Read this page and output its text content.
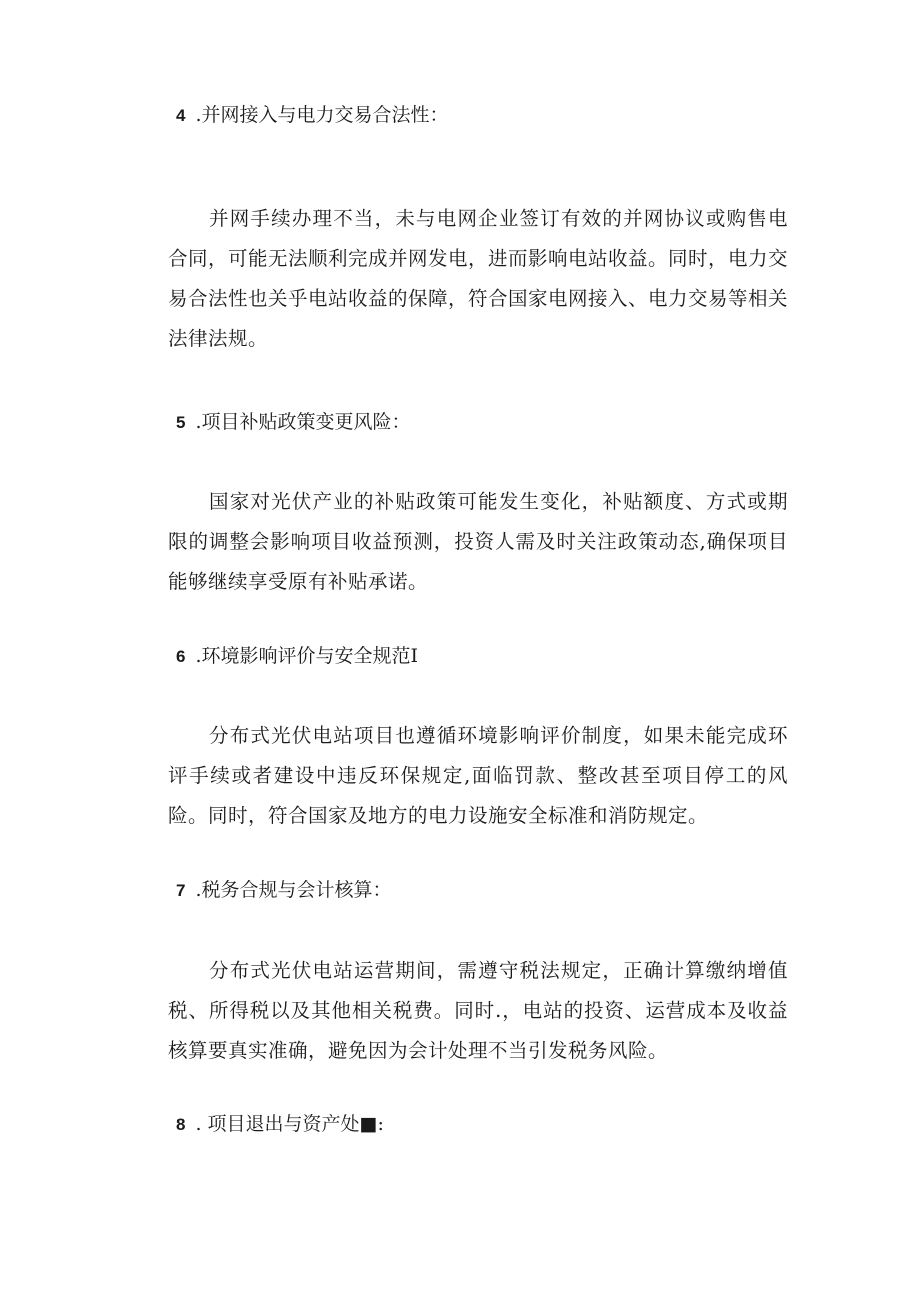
4 .并网接入与电力交易合法性：
并网手续办理不当，未与电网企业签订有效的并网协议或购售电合同，可能无法顺利完成并网发电，进而影响电站收益。同时，电力交易合法性也关乎电站收益的保障，符合国家电网接入、电力交易等相关法律法规。
5 .项目补贴政策变更风险：
国家对光伏产业的补贴政策可能发生变化，补贴额度、方式或期限的调整会影响项目收益预测，投资人需及时关注政策动态,确保项目能够继续享受原有补贴承诺。
6 .环境影响评价与安全规范I
分布式光伏电站项目也遵循环境影响评价制度，如果未能完成环评手续或者建设中违反环保规定,面临罚款、整改甚至项目停工的风险。同时，符合国家及地方的电力设施安全标准和消防规定。
7 .税务合规与会计核算：
分布式光伏电站运营期间，需遵守税法规定，正确计算缴纳增值税、所得税以及其他相关税费。同时.，电站的投资、运营成本及收益核算要真实准确，避免因为会计处理不当引发税务风险。
8 . 项目退出与资产处■:
